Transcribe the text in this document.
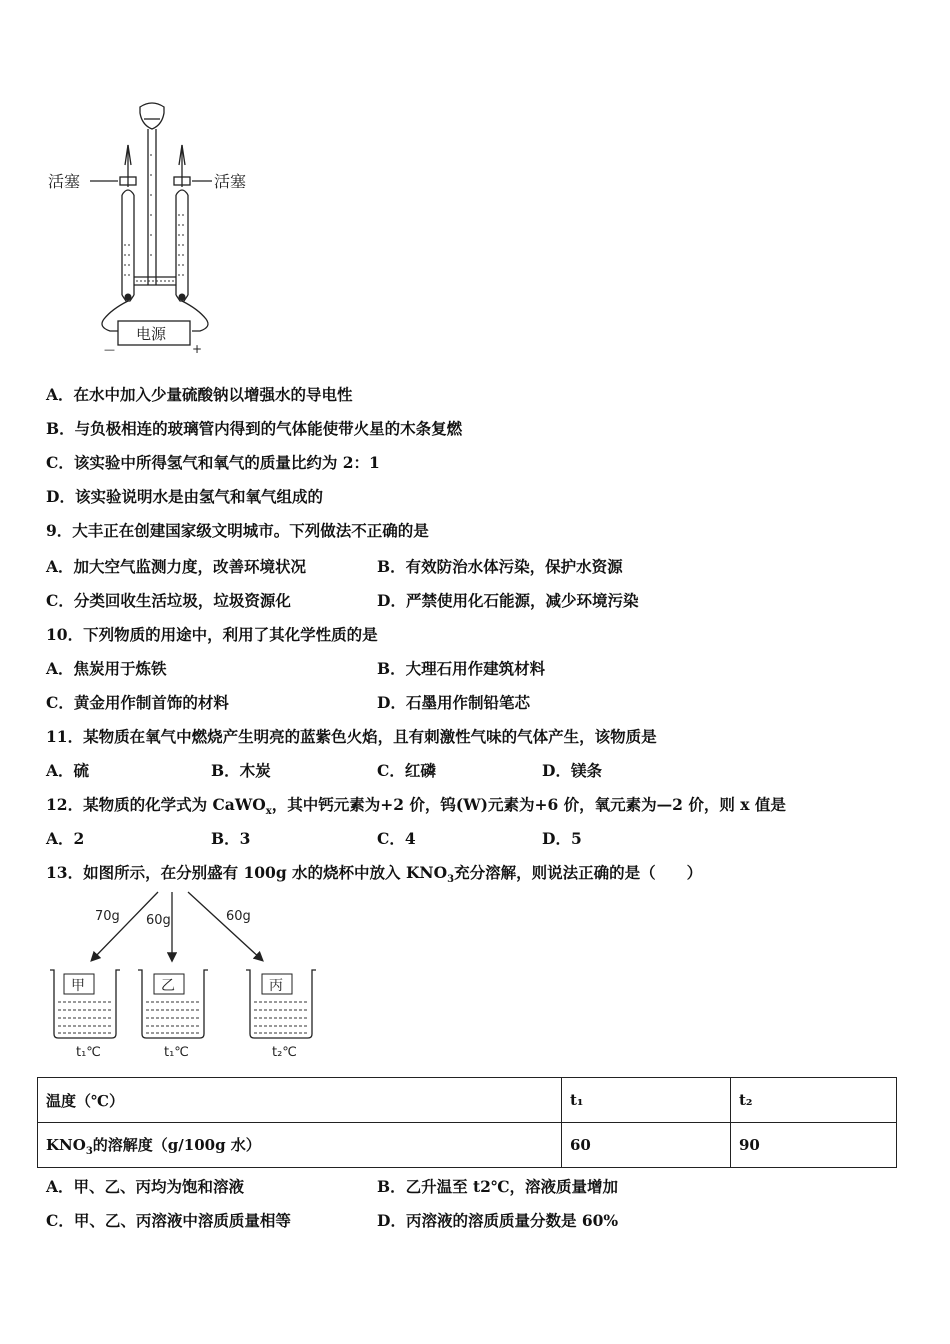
活塞	活塞
电源
—	+
A．在水中加入少量硫酸钠以增强水的导电性
B．与负极相连的玻璃管内得到的气体能使带火星的木条复燃
C．该实验中所得氢气和氧气的质量比约为 2：1
D．该实验说明水是由氢气和氧气组成的
9．大丰正在创建国家级文明城市。下列做法不正确的是
A．加大空气监测力度，改善环境状况	B．有效防治水体污染，保护水资源
C．分类回收生活垃圾，垃圾资源化	D．严禁使用化石能源，减少环境污染
10．下列物质的用途中，利用了其化学性质的是
A．焦炭用于炼铁	B．大理石用作建筑材料
C．黄金用作制首饰的材料	D．石墨用作制铅笔芯
11．某物质在氧气中燃烧产生明亮的蓝紫色火焰，且有刺激性气味的气体产生，该物质是
A．硫	B．木炭	C．红磷	D．镁条
12．某物质的化学式为 CaWO$_x$，其中钙元素为+2 价，钨(W)元素为+6 价，氧元素为—2 价，则 x 值是
A．2	B．3	C．4	D．5
13．如图所示，在分别盛有 100g 水的烧杯中放入 $KNO_3$充分溶解，则说法正确的是（　　）
70g 60g	60g
甲
t₁℃
乙
t₁℃
丙
t₂℃
温度（℃）	t₁	t₂
$KNO_3$的溶解度（g/100g 水）	60	90
A．甲、乙、丙均为饱和溶液	B．乙升温至 t2℃，溶液质量增加
C．甲、乙、丙溶液中溶质质量相等	D．丙溶液的溶质质量分数是 60%
